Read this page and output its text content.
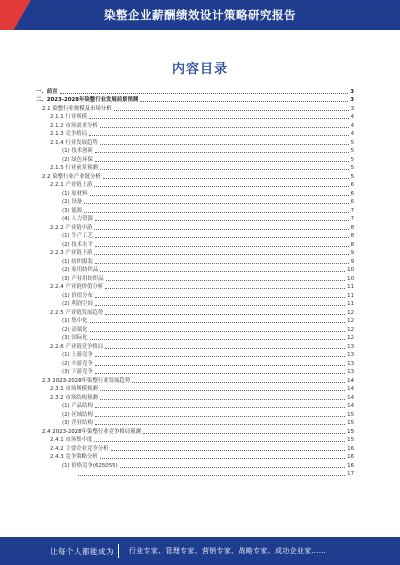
染整企业薪酬绩效设计策略研究报告
内容目录
一、前言	3
二、2023-2028年染整行业发展前景预测	3
2.1 染整行业规模及市场分析	3
2.1.1 行业规模	4
2.1.2 市场需求分析	4
2.1.3 竞争格局	4
2.1.4 行业发展趋势	5
(1) 技术创新	5
(2) 绿色环保	5
2.1.5 行业前景预测	5
2.2 染整行业产业链分析	5
2.2.1 产业链上游	6
(1) 原材料	6
(2) 设备	6
(3) 能源	7
(4) 人力资源	7
2.2.2 产业链中游	8
(1) 生产工艺	8
(2) 技术水平	8
2.2.3 产业链下游	9
(1) 纺织服装	9
(2) 家用纺织品	10
(3) 产业用纺织品	10
2.2.4 产业链价值分析	11
(1) 价值分布	11
(2) 利润空间	11
2.2.5 产业链发展趋势	12
(1) 集中化	12
(2) 高端化	12
(3) 国际化	12
2.2.6 产业链竞争格局	13
(1) 上游竞争	13
(2) 中游竞争	13
(3) 下游竞争	13
2.3 2023-2028年染整行业发展趋势	14
2.3.1 市场规模预测	14
2.3.2 市场结构预测	14
(1) 产品结构	14
(2) 区域结构	15
(3) 企业结构	15
2.4 2023-2028年染整行业竞争格局预测	15
2.4.1 市场集中度	15
2.4.2 主要企业竞争分析	16
2.4.3 竞争策略分析	16
(1) 价格竞争(625055)	16
17
让每个人都能成为 行业专家、管理专家、营销专家、战略专家、成功企业家……
